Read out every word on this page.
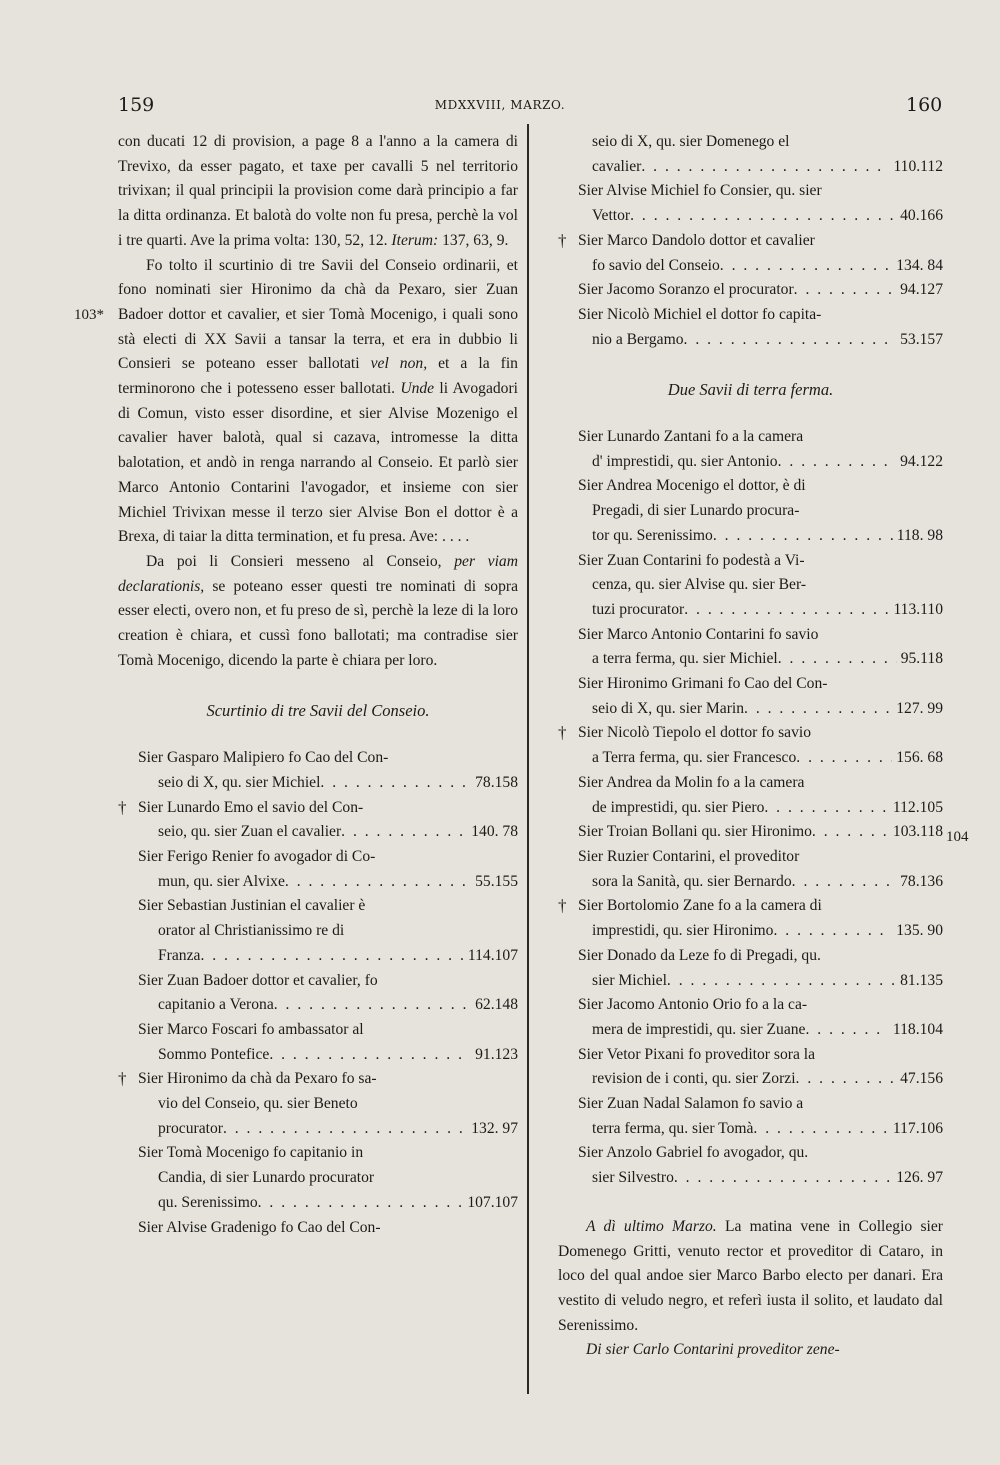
159	MDXXVIII, MARZO.	160
103*
104

con ducati 12 di provision, a page 8 a l'anno a la camera di Trevixo, da esser pagato, et taxe per cavalli 5 nel territorio trivixan; il qual principii la provision come darà principio a far la ditta ordinanza. Et balotà do volte non fu presa, perchè la vol i tre quarti. Ave la prima volta: 130, 52, 12. Iterum: 137, 63, 9.

Fo tolto il scurtinio di tre Savii del Conseio ordinarii, et fono nominati sier Hironimo da chà da Pexaro, sier Zuan Badoer dottor et cavalier, et sier Tomà Mocenigo, i quali sono stà electi di XX Savii a tansar la terra, et era in dubbio li Consieri se poteano esser ballotati vel non, et a la fin terminorono che i potesseno esser ballotati. Unde li Avogadori di Comun, visto esser disordine, et sier Alvise Mozenigo el cavalier haver balotà, qual si cazava, intromesse la ditta balotation, et andò in renga narrando al Conseio. Et parlò sier Marco Antonio Contarini l'avogador, et insieme con sier Michiel Trivixan messe il terzo sier Alvise Bon el dottor è a Brexa, di taiar la ditta termination, et fu presa. Ave: . . . .

Da poi li Consieri messeno al Conseio, per viam declarationis, se poteano esser questi tre nominati di sopra esser electi, overo non, et fu preso de sì, perchè la leze di la loro creation è chiara, et cussì fono ballotati; ma contradise sier Tomà Mocenigo, dicendo la parte è chiara per loro.

Scurtinio di tre Savii del Conseio.
Sier Gasparo Malipiero fo Cao del Con-
seio di X, qu. sier Michiel . . .	78.158
† Sier Lunardo Emo el savio del Con-
seio, qu. sier Zuan el cavalier . . .	140. 78
Sier Ferigo Renier fo avogador di Co-
mun, qu. sier Alvixe . . .	55.155
Sier Sebastian Justinian el cavalier è
orator al Christianissimo re di
Franza . . .	114.107
Sier Zuan Badoer dottor et cavalier, fo
capitanio a Verona . . .	62.148
Sier Marco Foscari fo ambassator al
Sommo Pontefice . . .	91.123
† Sier Hironimo da chà da Pexaro fo sa-
vio del Conseio, qu. sier Beneto
procurator . . .	132. 97
Sier Tomà Mocenigo fo capitanio in
Candia, di sier Lunardo procurator
qu. Serenissimo . . .	107.107
Sier Alvise Gradenigo fo Cao del Con-
seio di X, qu. sier Domenego el
cavalier . . .	110.112
Sier Alvise Michiel fo Consier, qu. sier
Vettor . . .	40.166
† Sier Marco Dandolo dottor et cavalier
fo savio del Conseio . . .	134. 84
Sier Jacomo Soranzo el procurator . . .	94.127
Sier Nicolò Michiel el dottor fo capita-
nio a Bergamo . . .	53.157
Due Savii di terra ferma.
Sier Lunardo Zantani fo a la camera
d' imprestidi, qu. sier Antonio . . .	94.122
Sier Andrea Mocenigo el dottor, è di
Pregadi, di sier Lunardo procura-
tor qu. Serenissimo . . .	118. 98
Sier Zuan Contarini fo podestà a Vi-
cenza, qu. sier Alvise qu. sier Ber-
tuzi procurator . . .	113.110
Sier Marco Antonio Contarini fo savio
a terra ferma, qu. sier Michiel . . .	95.118
Sier Hironimo Grimani fo Cao del Con-
seio di X, qu. sier Marin . . .	127. 99
† Sier Nicolò Tiepolo el dottor fo savio
a Terra ferma, qu. sier Francesco . . .	156. 68
Sier Andrea da Molin fo a la camera
de imprestidi, qu. sier Piero . . .	112.105
Sier Troian Bollani qu. sier Hironimo . . .	103.118
Sier Ruzier Contarini, el proveditor
sora la Sanità, qu. sier Bernardo . . .	78.136
† Sier Bortolomio Zane fo a la camera di
imprestidi, qu. sier Hironimo . . .	135. 90
Sier Donado da Leze fo di Pregadi, qu.
sier Michiel . . .	81.135
Sier Jacomo Antonio Orio fo a la ca-
mera de imprestidi, qu. sier Zuane . . .	118.104
Sier Vetor Pixani fo proveditor sora la
revision de i conti, qu. sier Zorzi . . .	47.156
Sier Zuan Nadal Salamon fo savio a
terra ferma, qu. sier Tomà . . .	117.106
Sier Anzolo Gabriel fo avogador, qu.
sier Silvestro . . .	126. 97

A dì ultimo Marzo. La matina vene in Collegio sier Domenego Gritti, venuto rector et proveditor di Cataro, in loco del qual andoe sier Marco Barbo electo per danari. Era vestito di veludo negro, et referì iusta il solito, et laudato dal Serenissimo.

Di sier Carlo Contarini proveditor zene-
